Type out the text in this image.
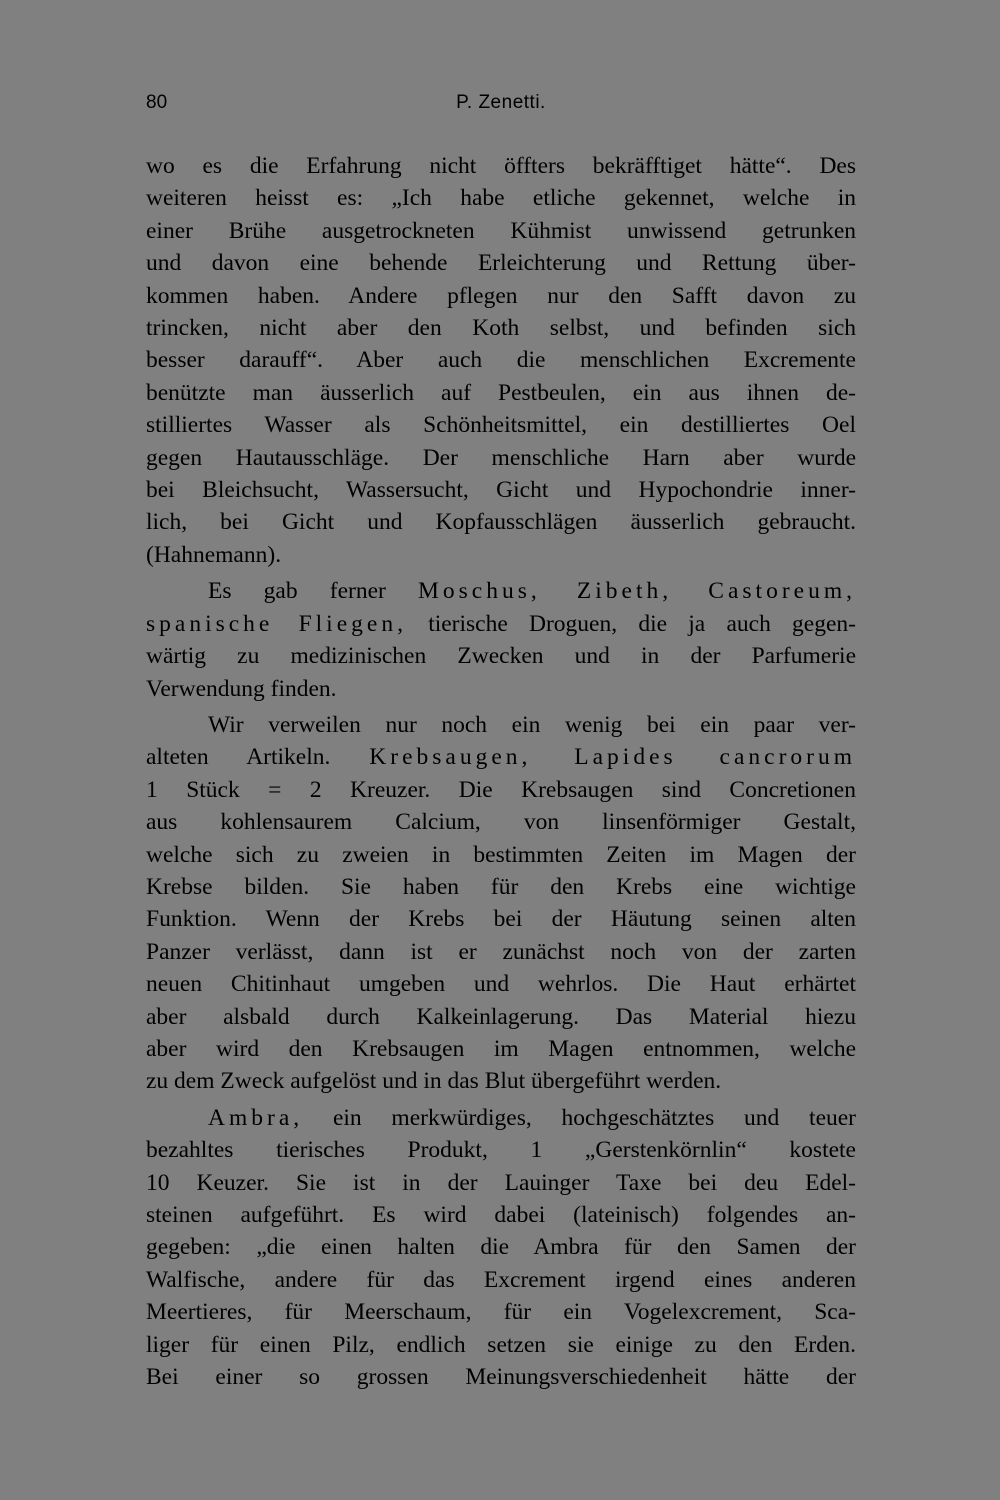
80	P. Zenetti.
wo es die Erfahrung nicht öffters bekräfftiget hätte“. Des
weiteren heisst es: „Ich habe etliche gekennet, welche in
einer Brühe ausgetrockneten Kühmist unwissend getrunken
und davon eine behende Erleichterung und Rettung über-
kommen haben. Andere pflegen nur den Safft davon zu
trincken, nicht aber den Koth selbst, und befinden sich
besser darauff“. Aber auch die menschlichen Excremente
benützte man äusserlich auf Pestbeulen, ein aus ihnen de-
stilliertes Wasser als Schönheitsmittel, ein destilliertes Oel
gegen Hautausschläge. Der menschliche Harn aber wurde
bei Bleichsucht, Wassersucht, Gicht und Hypochondrie inner-
lich, bei Gicht und Kopfausschlägen äusserlich gebraucht.
(Hahnemann).
Es gab ferner Moschus, Zibeth, Castoreum,
spanische Fliegen, tierische Droguen, die ja auch gegen-
wärtig zu medizinischen Zwecken und in der Parfumerie
Verwendung finden.
Wir verweilen nur noch ein wenig bei ein paar ver-
alteten Artikeln. Krebsaugen, Lapides cancrorum
1 Stück = 2 Kreuzer. Die Krebsaugen sind Concretionen
aus kohlensaurem Calcium, von linsenförmiger Gestalt,
welche sich zu zweien in bestimmten Zeiten im Magen der
Krebse bilden. Sie haben für den Krebs eine wichtige
Funktion. Wenn der Krebs bei der Häutung seinen alten
Panzer verlässt, dann ist er zunächst noch von der zarten
neuen Chitinhaut umgeben und wehrlos. Die Haut erhärtet
aber alsbald durch Kalkeinlagerung. Das Material hiezu
aber wird den Krebsaugen im Magen entnommen, welche
zu dem Zweck aufgelöst und in das Blut übergeführt werden.
Ambra, ein merkwürdiges, hochgeschätztes und teuer
bezahltes tierisches Produkt, 1 „Gerstenkörnlin“ kostete
10 Keuzer. Sie ist in der Lauinger Taxe bei deu Edel-
steinen aufgeführt. Es wird dabei (lateinisch) folgendes an-
gegeben: „die einen halten die Ambra für den Samen der
Walfische, andere für das Excrement irgend eines anderen
Meertieres, für Meerschaum, für ein Vogelexcrement, Sca-
liger für einen Pilz, endlich setzen sie einige zu den Erden.
Bei einer so grossen Meinungsverschiedenheit hätte der
